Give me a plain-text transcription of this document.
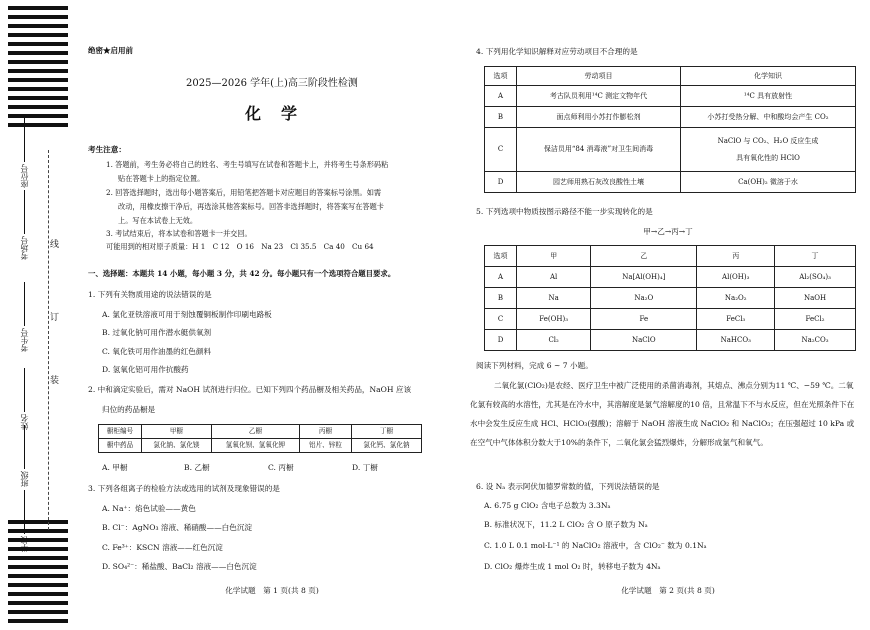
线
订
装
座位号
考场号
考生号
姓名
班级
学校
绝密★启用前
2025—2026 学年(上)高三阶段性检测
化　学
考生注意：
1. 答题前，考生务必将自己的姓名、考生号填写在试卷和答题卡上，并将考生号条形码粘
贴在答题卡上的指定位置。
2. 回答选择题时，选出每小题答案后，用铅笔把答题卡对应题目的答案标号涂黑。如需
改动，用橡皮擦干净后，再选涂其他答案标号。回答非选择题时，将答案写在答题卡
上。写在本试卷上无效。
3. 考试结束后，将本试卷和答题卡一并交回。
可能用到的相对原子质量：H 1　C 12　O 16　Na 23　Cl 35.5　Ca 40　Cu 64
一、选择题：本题共 14 小题，每小题 3 分，共 42 分。每小题只有一个选项符合题目要求。
1. 下列有关物质用途的说法错误的是
A. 氯化亚铁溶液可用于刻蚀覆铜板制作印刷电路板
B. 过氧化钠可用作潜水艇供氧剂
C. 氧化铁可用作油墨的红色颜料
D. 氢氧化铝可用作抗酸药
2. 中和滴定实验后，需对 NaOH 试剂进行归位。已知下列四个药品橱及相关药品，NaOH 应该
归位的药品橱是
橱柜编号	甲橱	乙橱	丙橱	丁橱
橱中药品	氯化钠、氯化镁	氢氧化钡、氢氧化钾	铝片、锌粒	氯化钙、氯化钠
A. 甲橱	B. 乙橱	C. 丙橱	D. 丁橱
3. 下列各组离子的检验方法或选用的试剂及现象错误的是
A. Na⁺：焰色试验——黄色
B. Cl⁻：AgNO₃ 溶液、稀硝酸——白色沉淀
C. Fe³⁺：KSCN 溶液——红色沉淀
D. SO₄²⁻：稀盐酸、BaCl₂ 溶液——白色沉淀
化学试题　第 1 页(共 8 页)
4. 下列用化学知识解释对应劳动项目不合理的是
选项	劳动项目	化学知识
A	考古队员利用¹⁴C 测定文物年代	¹⁴C 具有放射性
B	面点师利用小苏打作膨松剂	小苏打受热分解、中和酸均会产生 CO₂
C	保洁员用“84 消毒液”对卫生间消毒	NaClO 与 CO₂、H₂O 反应生成
具有氧化性的 HClO

D	园艺师用熟石灰改良酸性土壤	Ca(OH)₂ 微溶于水
5. 下列选项中物质按图示路径不能一步实现转化的是
甲→乙→丙→丁
选项	甲	乙	丙	丁
A	Al	Na[Al(OH)₄]	Al(OH)₃	Al₂(SO₄)₃
B	Na	Na₂O	Na₂O₂	NaOH
C	Fe(OH)₃	Fe	FeCl₃	FeCl₂
D	Cl₂	NaClO	NaHCO₃	Na₂CO₃
阅读下列材料，完成 6 ~ 7 小题。
二氧化氯(ClO₂)是农经、医疗卫生中被广泛使用的杀菌消毒剂，其熔点、沸点分别为11 ℃、−59 ℃。二氧化氯有较高的水溶性，尤其是在冷水中，其溶解度是氯气溶解度的10 倍，且常温下不与水反应，但在光照条件下在水中会发生反应生成 HCl、HClO₃(强酸)；溶解于 NaOH 溶液生成 NaClO₂ 和 NaClO₃；在压强超过 10 kPa 或在空气中气体体积分数大于10%的条件下，二氧化氯会猛烈爆炸，分解形成氯气和氧气。
6. 设 Nₐ 表示阿伏加德罗常数的值，下列说法错误的是
A. 6.75 g ClO₂ 含电子总数为 3.3Nₐ
B. 标准状况下，11.2 L ClO₂ 含 O 原子数为 Nₐ
C. 1.0 L 0.1 mol·L⁻¹ 的 NaClO₂ 溶液中，含 ClO₂⁻ 数为 0.1Nₐ
D. ClO₂ 爆炸生成 1 mol O₂ 时，转移电子数为 4Nₐ
化学试题　第 2 页(共 8 页)
